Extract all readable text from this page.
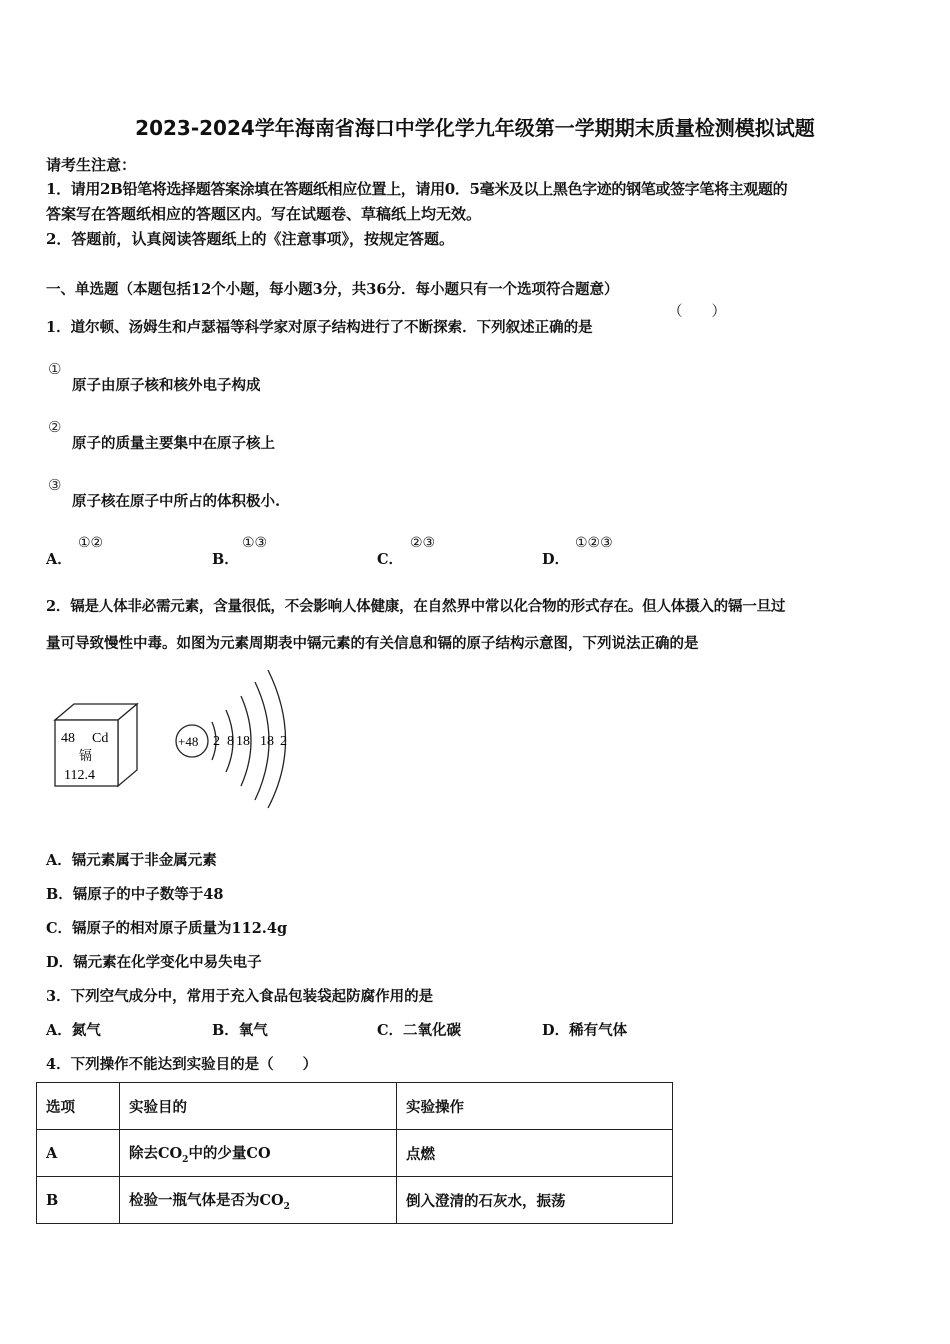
2023-2024学年海南省海口中学化学九年级第一学期期末质量检测模拟试题
请考生注意：
1．请用2B铅笔将选择题答案涂填在答题纸相应位置上，请用0．5毫米及以上黑色字迹的钢笔或签字笔将主观题的
答案写在答题纸相应的答题区内。写在试题卷、草稿纸上均无效。
2．答题前，认真阅读答题纸上的《注意事项》，按规定答题。
一、单选题（本题包括12个小题，每小题3分，共36分．每小题只有一个选项符合题意）
1．道尔顿、汤姆生和卢瑟福等科学家对原子结构进行了不断探索．下列叙述正确的是
（　　）
①
原子由原子核和核外电子构成
②
原子的质量主要集中在原子核上
③
原子核在原子中所占的体积极小.
A．
①②
B．
①③
C．
②③
D．
①②③
2．镉是人体非必需元素，含量很低，不会影响人体健康，在自然界中常以化合物的形式存在。但人体摄入的镉一旦过
量可导致慢性中毒。如图为元素周期表中镉元素的有关信息和镉的原子结构示意图，下列说法正确的是
48 Cd
镉
112.4
+48 2 8 18 18 2
A．镉元素属于非金属元素
B．镉原子的中子数等于48
C．镉原子的相对原子质量为112.4g
D．镉元素在化学变化中易失电子
3．下列空气成分中，常用于充入食品包装袋起防腐作用的是
A．氮气	B．氧气	C．二氧化碳	D．稀有气体
4．下列操作不能达到实验目的是（　　）
选项	实验目的	实验操作
A	除去$CO_2$中的少量CO	点燃
B	检验一瓶气体是否为$CO_2$	倒入澄清的石灰水，振荡
